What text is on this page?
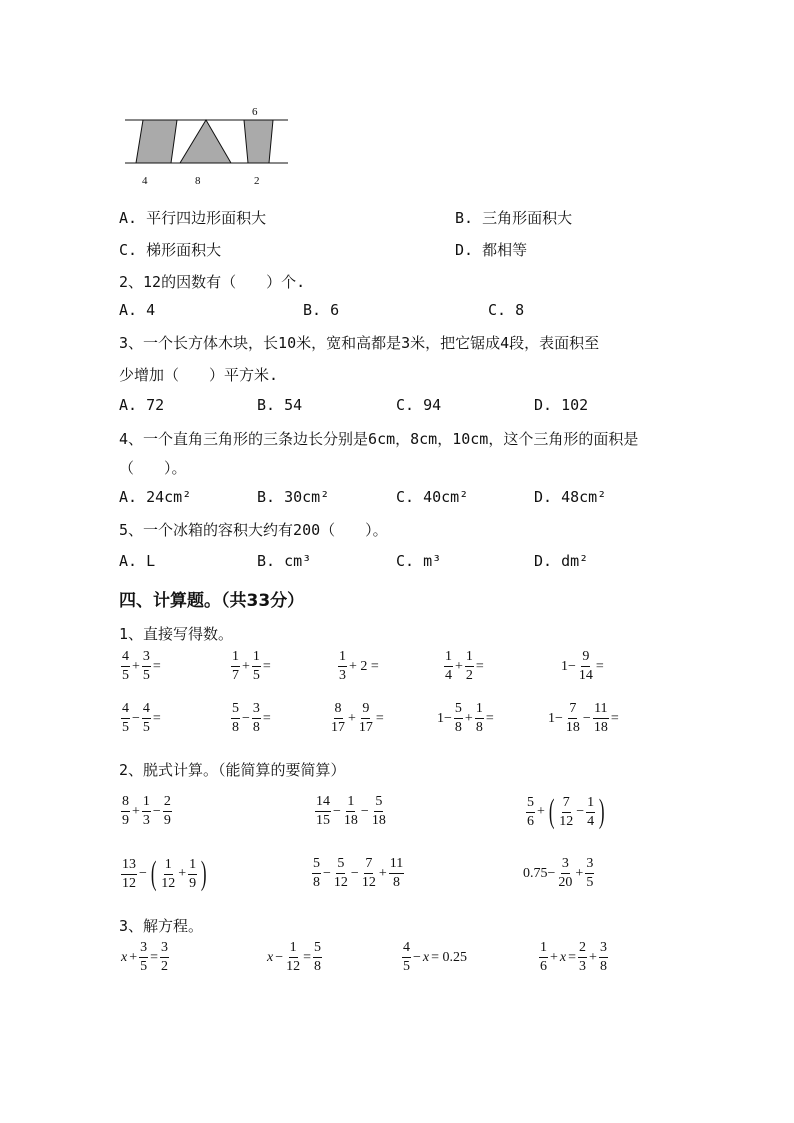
6
4	8	2
A. 平行四边形面积大	B. 三角形面积大
C. 梯形面积大	D. 都相等
2、12的因数有（　　）个.
A. 4	B. 6	C. 8
3、一个长方体木块，长10米，宽和高都是3米，把它锯成4段，表面积至
少增加（　　）平方米.
A. 72	B. 54	C. 94	D. 102
4、一个直角三角形的三条边长分别是6cm，8cm，10cm，这个三角形的面积是
（　　）。
A. 24cm²	B. 30cm²	C. 40cm²	D. 48cm²
5、一个冰箱的容积大约有200（　　）。
A. L	B. cm³	C. m³	D. dm²
四、计算题。（共33分）
1、直接写得数。
$\frac{4}{5} + \frac{3}{5}$ =	$\frac{1}{7} + \frac{1}{5}$ =	$\frac{1}{3} + 2$ =	$\frac{1}{4} + \frac{1}{2}$ =	$1- \frac{9}{14}$ =
$\frac{4}{5} - \frac{4}{5}$ =	$\frac{5}{8} - \frac{3}{8}$ =	$\frac{8}{17} + \frac{9}{17}$ =	$1- \frac{5}{8} + \frac{1}{8}$ =	$1- \frac{7}{18} - \frac{11}{18}$ =
2、脱式计算。（能简算的要简算）
$\frac{8}{9} + \frac{1}{3} - \frac{2}{9}$	$\frac{14}{15} - \frac{1}{18} - \frac{5}{18}$	$\frac{5}{6}$ + ( $\frac{7}{12} - \frac{1}{4}$ )
$\frac{13}{12}$ − ( $\frac{1}{12} + \frac{1}{9}$ )	$\frac{5}{8} - \frac{5}{12} - \frac{7}{12} + \frac{11}{8}$	$0.75- \frac{3}{20} + \frac{3}{5}$
3、解方程。
$x + \frac{3}{5} = \frac{3}{2}$	$x - \frac{1}{12} = \frac{5}{8}$	$\frac{4}{5} - x = 0.25$	$\frac{1}{6} + x = \frac{2}{3} + \frac{3}{8}$
